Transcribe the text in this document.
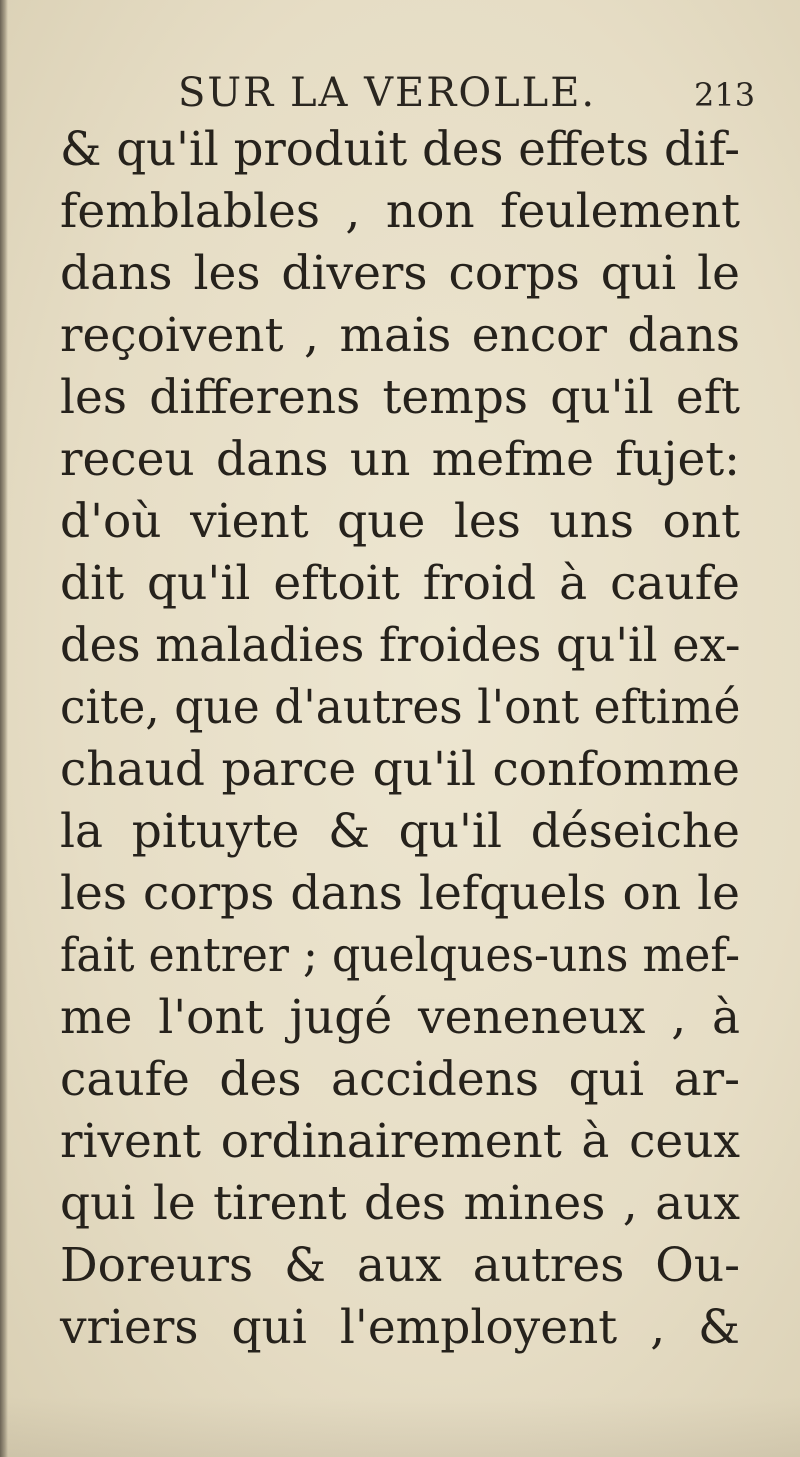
SUR LA VEROLLE.	213
& qu'il produit des effets dif-
femblables , non feulement
dans les divers corps qui le
reçoivent , mais encor dans
les differens temps qu'il eft
receu dans un mefme fujet:
d'où vient que les uns ont
dit qu'il eftoit froid à caufe
des maladies froides qu'il ex-
cite, que d'autres l'ont eftimé
chaud parce qu'il confomme
la pituyte & qu'il déseiche
les corps dans lefquels on le
fait entrer ; quelques-uns mef-
me l'ont jugé veneneux , à
caufe des accidens qui ar-
rivent ordinairement à ceux
qui le tirent des mines , aux
Doreurs & aux autres Ou-
vriers qui l'employent , &
